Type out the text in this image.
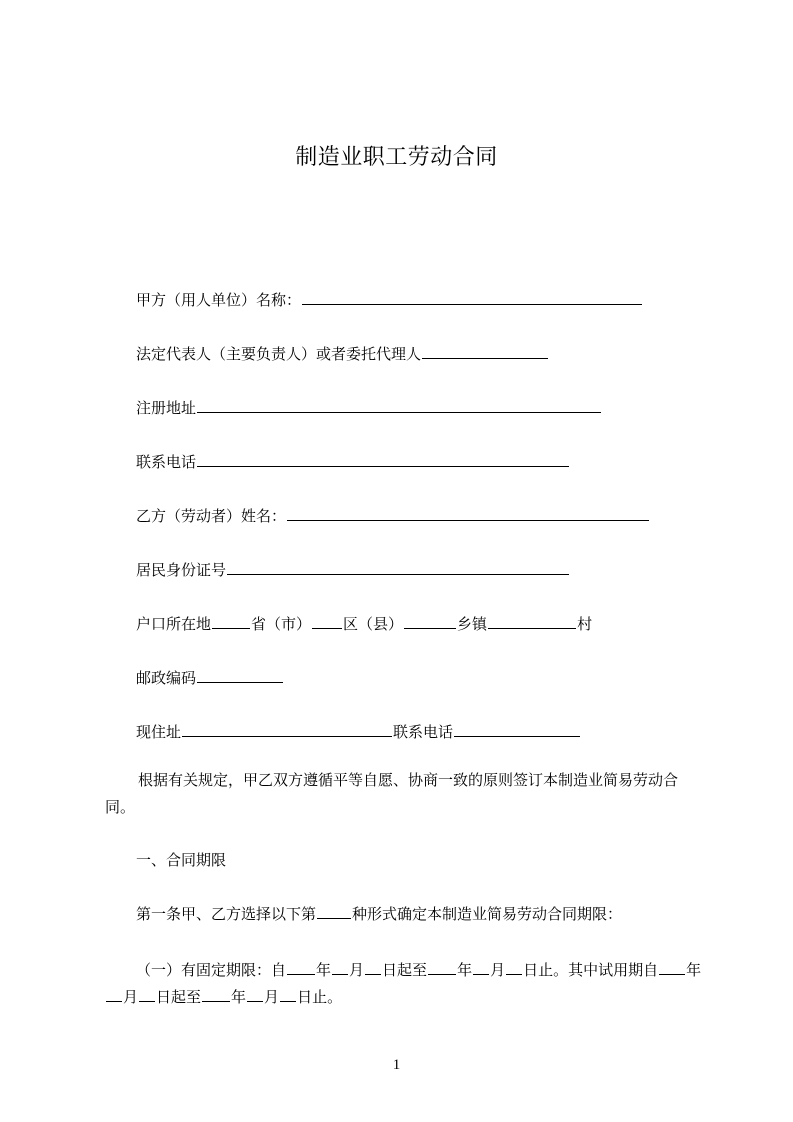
制造业职工劳动合同
甲方（用人单位）名称：
法定代表人（主要负责人）或者委托代理人
注册地址
联系电话
乙方（劳动者）姓名：
居民身份证号
户口所在地	省（市） 区（县）	乡镇	村
邮政编码
现住址	联系电话
根据有关规定，甲乙双方遵循平等自愿、协商一致的原则签订本制造业简易劳动合同。
一、合同期限
第一条甲、乙方选择以下第 种形式确定本制造业简易劳动合同期限：
（一）有固定期限：自 年 月 日起至 年 月 日止。其中试用期自 年月 日起至 年 月 日止。
1
